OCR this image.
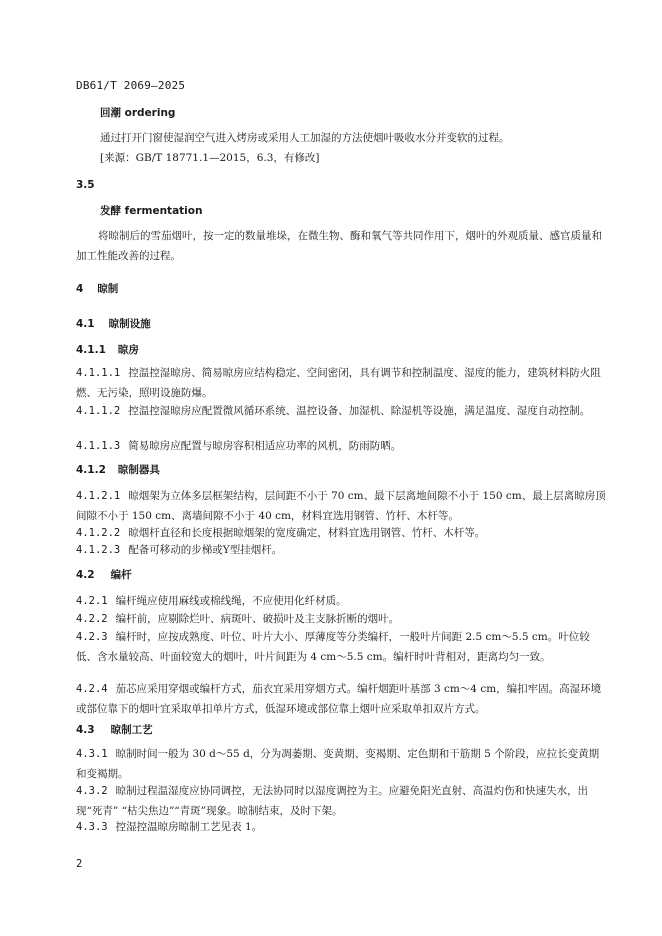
DB61/T 2069—2025
回潮 ordering
通过打开门窗使湿润空气进入烤房或采用人工加湿的方法使烟叶吸收水分并变软的过程。
[来源：GB/T 18771.1—2015，6.3，有修改]
3.5
发酵 fermentation
将晾制后的雪茄烟叶，按一定的数量堆垛，在微生物、酶和氧气等共同作用下，烟叶的外观质量、感官质量和加工性能改善的过程。
4 晾制
4.1 晾制设施
4.1.1 晾房
4.1.1.1 控温控湿晾房、简易晾房应结构稳定、空间密闭，具有调节和控制温度、湿度的能力，建筑材料防火阻燃、无污染，照明设施防爆。
4.1.1.2 控温控湿晾房应配置微风循环系统、温控设备、加湿机、除湿机等设施，满足温度、湿度自动控制。
4.1.1.3 简易晾房应配置与晾房容积相适应功率的风机，防雨防晒。
4.1.2 晾制器具
4.1.2.1 晾烟架为立体多层框架结构，层间距不小于 70 cm、最下层离地间隙不小于 150 cm、最上层离晾房顶间隙不小于 150 cm、离墙间隙不小于 40 cm，材料宜选用钢管、竹杆、木杆等。
4.1.2.2 晾烟杆直径和长度根据晾烟架的宽度确定，材料宜选用钢管、竹杆、木杆等。
4.1.2.3 配备可移动的步梯或Y型挂烟杆。
4.2 编杆
4.2.1 编杆绳应使用麻线或棉线绳，不应使用化纤材质。
4.2.2 编杆前，应剔除烂叶、病斑叶、破损叶及主支脉折断的烟叶。
4.2.3 编杆时，应按成熟度、叶位、叶片大小、厚薄度等分类编杆，一般叶片间距 2.5 cm～5.5 cm。叶位较低、含水量较高、叶面较宽大的烟叶，叶片间距为 4 cm～5.5 cm。编杆时叶背相对，距离均匀一致。
4.2.4 茄芯应采用穿烟或编杆方式，茄衣宜采用穿烟方式。编杆烟距叶基部 3 cm～4 cm，编扣牢固。高湿环境或部位靠下的烟叶宜采取单扣单片方式，低湿环境或部位靠上烟叶应采取单扣双片方式。
4.3 晾制工艺
4.3.1 晾制时间一般为 30 d～55 d，分为凋萎期、变黄期、变褐期、定色期和干筋期 5 个阶段，应拉长变黄期和变褐期。
4.3.2 晾制过程温湿度应协同调控，无法协同时以湿度调控为主。应避免阳光直射、高温灼伤和快速失水，出现“死青” “枯尖焦边”“青斑”现象。晾制结束，及时下架。
4.3.3 控湿控温晾房晾制工艺见表 1。
2
